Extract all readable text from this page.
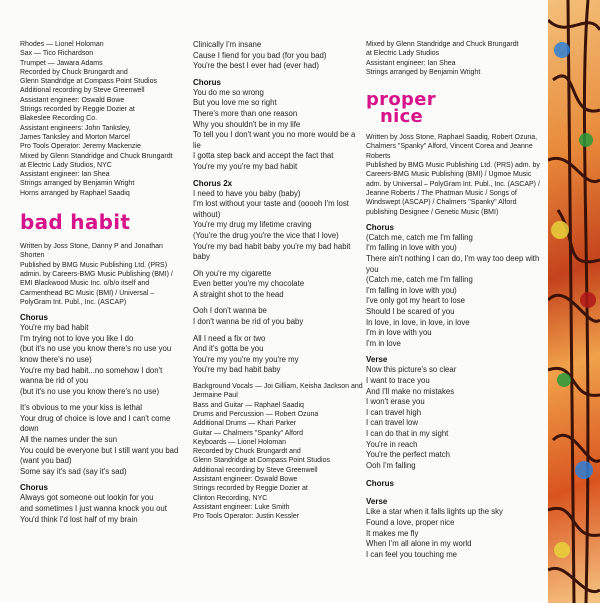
Rhodes — Lionel Holoman
Sax — Tico Richardson
Trumpet — Jawara Adams
Recorded by Chuck Brungardt and
Glenn Standridge at Compass Point Studios
Additional recording by Steve Greenwell
Assistant engineer: Oswald Bowe
Strings recorded by Reggie Dozier at
Blakeslee Recording Co.
Assistant engineers: John Tanksley,
James Tanksley and Morton Marcel
Pro Tools Operator: Jeremy Mackenzie
Mixed by Glenn Standridge and Chuck Brungardt
at Electric Lady Studios, NYC
Assistant engineer: Ian Shea
Strings arranged by Benjamin Wright
Horns arranged by Raphael Saadiq
bad habit
Written by Joss Stone, Danny P and Jonathan
Shorten
Published by BMG Music Publishing Ltd. (PRS)
admin. by Careers-BMG Music Publishing (BMI) /
EMI Blackwood Music Inc. o/b/o itself and
Carmenthead BC Music (BMI) / Universal –
PolyGram Int. Publ., Inc. (ASCAP)
Chorus
You're my bad habit
I'm trying not to love you like I do
(but it's no use you know there's no use you know there's no use)
You're my bad habit...no somehow I don't wanna be rid of you
(but it's no use you know there's no use)
It's obvious to me your kiss is lethal
Your drug of choice is love and I can't come down
All the names under the sun
You could be everyone but I still want you bad (want you bad)
Some say it's sad (say it's sad)
Chorus
Always got someone out lookin for you
and sometimes I just wanna knock you out
You'd think I'd lost half of my brain
Clinically I'm insane
Cause I fiend for you bad (for you bad)
You're the best I ever had (ever had)
Chorus
You do me so wrong
But you love me so right
There's more than one reason
Why you shouldn't be in my life
To tell you I don't want you no more would be a lie
I gotta step back and accept the fact that
You're my you're my bad habit
Chorus 2x
I need to have you baby (baby)
I'm lost without your taste and (ooooh I'm lost without)
You're my drug my lifetime craving
(You're the drug you're the vice that I love)
You're my bad habit baby you're my bad habit baby
Oh you're my cigarette
Even better you're my chocolate
A straight shot to the head
Ooh I don't wanna be
I don't wanna be rid of you baby
All I need a fix or two
And it's gotta be you
You're my you're my you're my
You're my bad habit baby
Background Vocals — Joi Gilliam, Keisha Jackson and Jermaine Paul
Bass and Guitar — Raphael Saadiq
Drums and Percussion — Robert Ozuna
Additional Drums — Khari Parker
Guitar — Chalmers "Spanky" Alford
Keyboards — Lionel Holoman
Recorded by Chuck Brungardt and
Glenn Standridge at Compass Point Studios
Additional recording by Steve Greenwell
Assistant engineer: Oswald Bowe
Strings recorded by Reggie Dozier at
Clinton Recording, NYC
Assistant engineer: Luke Smith
Pro Tools Operator: Justin Kessler
Mixed by Glenn Standridge and Chuck Brungardt
at Electric Lady Studios
Assistant engineer: Ian Shea
Strings arranged by Benjamin Wright
proper
nice
Written by Joss Stone, Raphael Saadiq, Robert Ozuna, Chalmers "Spanky" Alford, Vincent Corea and Jeanne Roberts
Published by BMG Music Publishing Ltd. (PRS) adm. by Careers-BMG Music Publishing (BMI) / Ugmoe Music adm. by Universal – PolyGram Int. Publ., Inc. (ASCAP) / Jeanne Roberts / The Phatman Music / Songs of Windswept (ASCAP) / Chalmers "Spanky" Alford publishing Designee / Genetic Music (BMI)
Chorus
(Catch me, catch me I'm falling
I'm falling in love with you)
There ain't nothing I can do, I'm way too deep with you
(Catch me, catch me I'm falling
I'm falling in love with you)
I've only got my heart to lose
Should I be scared of you
In love, in love, in love, in love
I'm in love with you
I'm in love
Verse
Now this picture's so clear
I want to trace you
And I'll make no mistakes
I won't erase you
I can travel high
I can travel low
I can do that in my sight
You're in reach
You're the perfect match
Ooh I'm falling
Chorus
Verse
Like a star when it falls lights up the sky
Found a love, proper nice
It makes me fly
When I'm all alone in my world
I can feel you touching me
